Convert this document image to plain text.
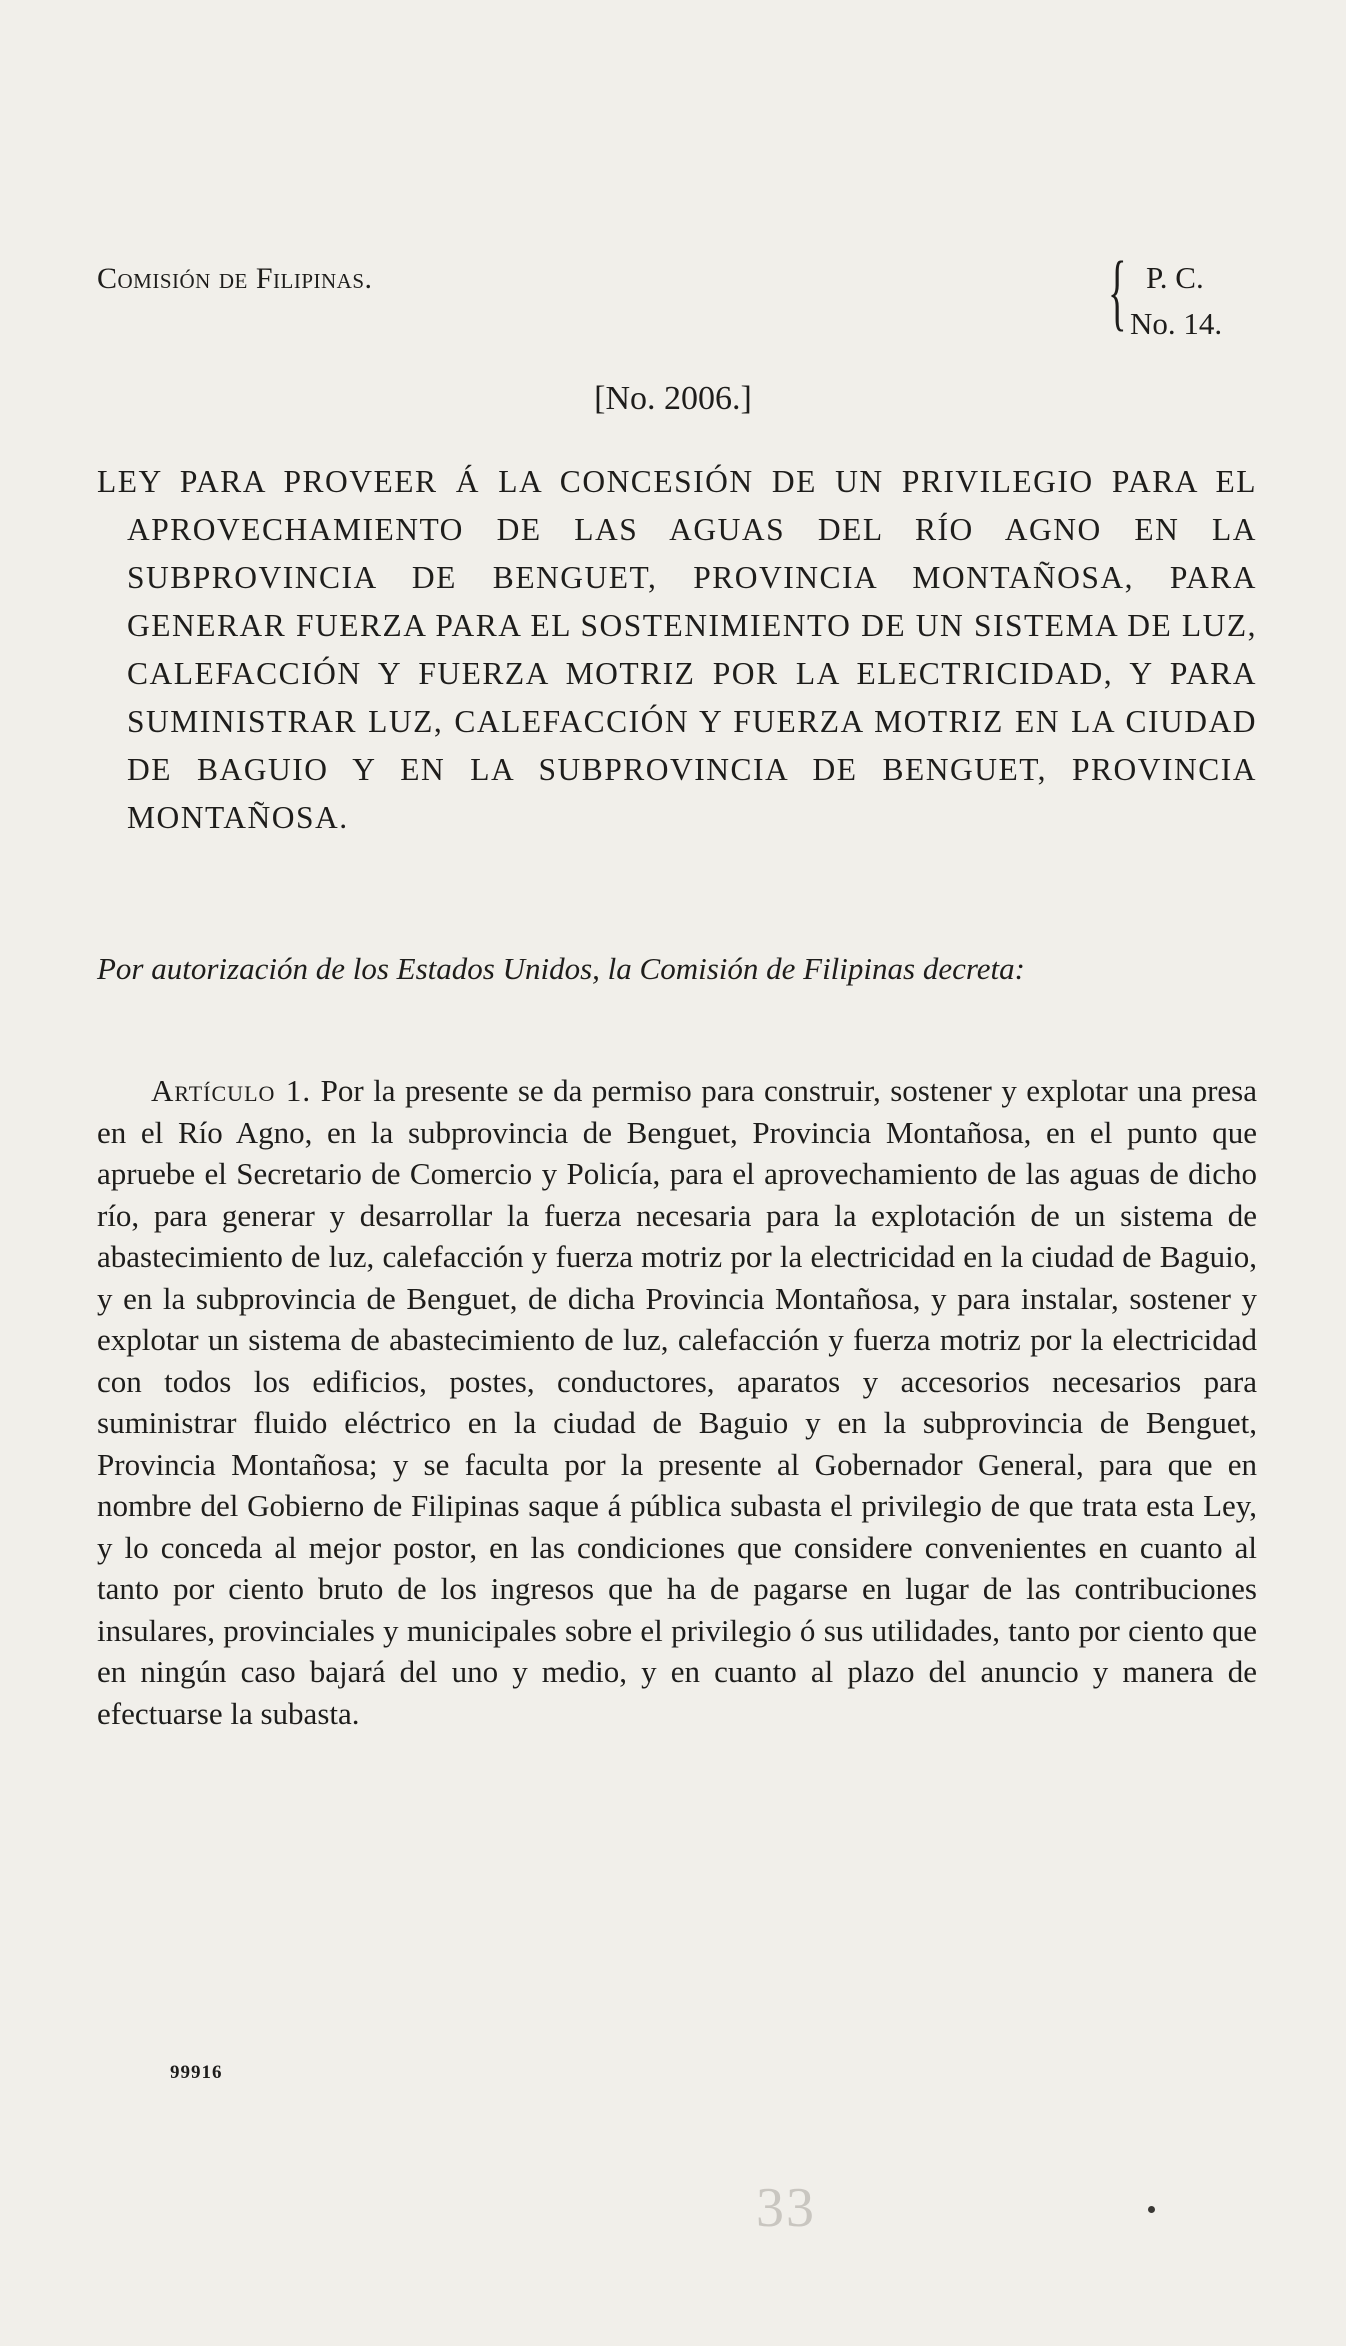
Comisión de Filipinas.	{ P. C.
No. 14.
[No. 2006.]
LEY PARA PROVEER Á LA CONCESIÓN DE UN PRIVILEGIO PARA EL APROVECHAMIENTO DE LAS AGUAS DEL RÍO AGNO EN LA SUBPROVINCIA DE BENGUET, PROVINCIA MONTAÑOSA, PARA GENERAR FUERZA PARA EL SOSTENIMIENTO DE UN SISTEMA DE LUZ, CALEFACCIÓN Y FUERZA MOTRIZ POR LA ELECTRICIDAD, Y PARA SUMINISTRAR LUZ, CALEFACCIÓN Y FUERZA MOTRIZ EN LA CIUDAD DE BAGUIO Y EN LA SUBPROVINCIA DE BENGUET, PROVINCIA MONTAÑOSA.
Por autorización de los Estados Unidos, la Comisión de Filipinas decreta:
Artículo 1. Por la presente se da permiso para construir, sostener y explotar una presa en el Río Agno, en la subprovincia de Benguet, Provincia Montañosa, en el punto que apruebe el Secretario de Comercio y Policía, para el aprovechamiento de las aguas de dicho río, para generar y desarrollar la fuerza necesaria para la explotación de un sistema de abastecimiento de luz, calefacción y fuerza motriz por la electricidad en la ciudad de Baguio, y en la subprovincia de Benguet, de dicha Provincia Montañosa, y para instalar, sostener y explotar un sistema de abastecimiento de luz, calefacción y fuerza motriz por la electricidad con todos los edificios, postes, conductores, aparatos y accesorios necesarios para suministrar fluido eléctrico en la ciudad de Baguio y en la subprovincia de Benguet, Provincia Montañosa; y se faculta por la presente al Gobernador General, para que en nombre del Gobierno de Filipinas saque á pública subasta el privilegio de que trata esta Ley, y lo conceda al mejor postor, en las condiciones que considere convenientes en cuanto al tanto por ciento bruto de los ingresos que ha de pagarse en lugar de las contribuciones insulares, provinciales y municipales sobre el privilegio ó sus utilidades, tanto por ciento que en ningún caso bajará del uno y medio, y en cuanto al plazo del anuncio y manera de efectuarse la subasta.
99916
33
